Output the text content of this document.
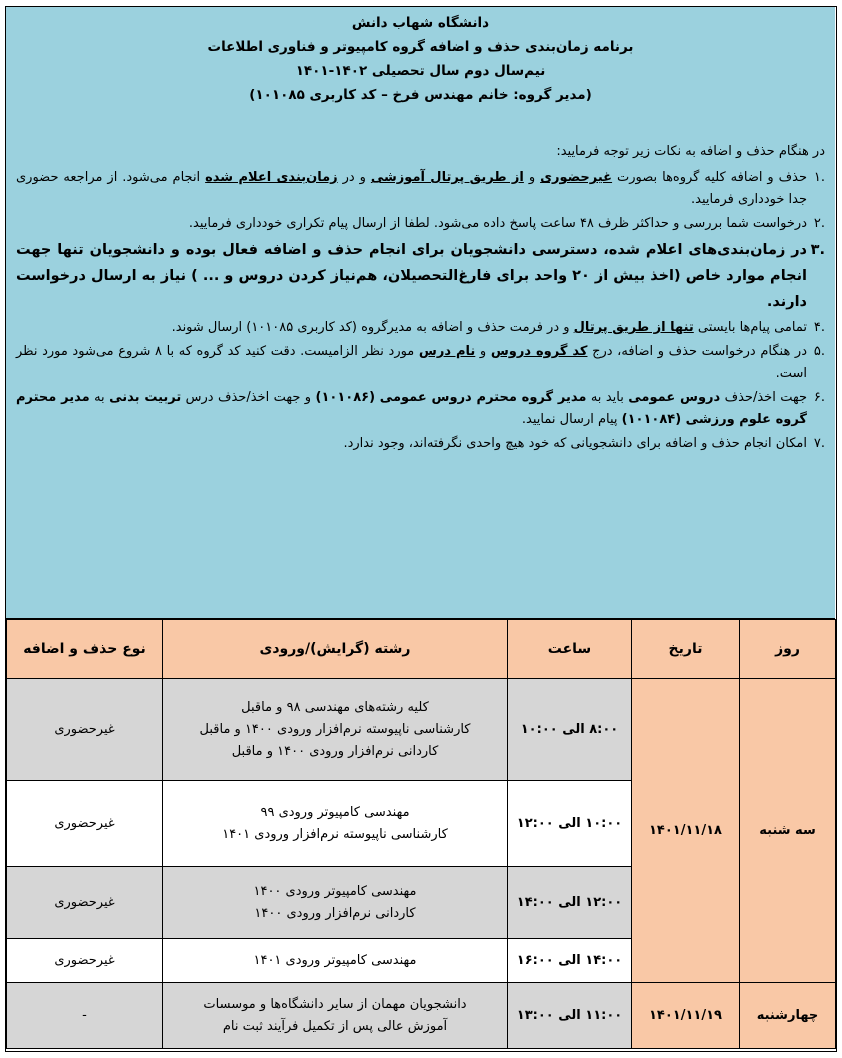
دانشگاه شهاب دانش
برنامه زمان‌بندی حذف و اضافه گروه کامپیوتر و فناوری اطلاعات
نیم‌سال دوم سال تحصیلی ۱۴۰۲-۱۴۰۱
(مدیر گروه: خانم مهندس فرخ – کد کاربری ۱۰۱۰۸۵)
در هنگام حذف و اضافه به نکات زیر توجه فرمایید:
.۱
حذف و اضافه کلیه گروه‌ها بصورت غیرحضوری و از طریق پرتال آموزشی و در زمان‌بندی اعلام شده انجام می‌شود. از مراجعه حضوری جدا خودداری فرمایید.
.۲
درخواست شما بررسی و حداکثر ظرف ۴۸ ساعت پاسخ داده می‌شود. لطفا از ارسال پیام تکراری خودداری فرمایید.
.۳
در زمان‌بندی‌های اعلام شده، دسترسی دانشجویان برای انجام حذف و اضافه فعال بوده و دانشجویان تنها جهت انجام موارد خاص (اخذ بیش از ۲۰ واحد برای فارغ‌التحصیلان، هم‌نیاز کردن دروس و ... ) نیاز به ارسال درخواست دارند.
.۴
تمامی پیام‌ها بایستی تنها از طریق پرتال و در فرمت حذف و اضافه به مدیرگروه (کد کاربری ۱۰۱۰۸۵) ارسال شوند.
.۵
در هنگام درخواست حذف و اضافه، درج کد گروه دروس و نام درس مورد نظر الزامیست. دقت کنید کد گروه که با ۸ شروع می‌شود مورد نظر است.
.۶
جهت اخذ/حذف دروس عمومی باید به مدیر گروه محترم دروس عمومی (۱۰۱۰۸۶) و جهت اخذ/حذف درس تربیت بدنی به مدیر محترم گروه علوم ورزشی (۱۰۱۰۸۴) پیام ارسال نمایید.
.۷
امکان انجام حذف و اضافه برای دانشجویانی که خود هیچ واحدی نگرفته‌اند، وجود ندارد.
روز	تاریخ	ساعت	رشته (گرایش)/ورودی	نوع حذف و اضافه
سه شنبه	۱۴۰۱/۱۱/۱۸	۸:۰۰ الی ۱۰:۰۰	کلیه رشته‌های مهندسی ۹۸ و ماقبل
کارشناسی ناپیوسته نرم‌افزار ورودی ۱۴۰۰ و ماقبل
کاردانی نرم‌افزار ورودی ۱۴۰۰ و ماقبل	غیرحضوری
		۱۰:۰۰ الی ۱۲:۰۰	مهندسی کامپیوتر ورودی ۹۹
کارشناسی ناپیوسته نرم‌افزار ورودی ۱۴۰۱	غیرحضوری
		۱۲:۰۰ الی ۱۴:۰۰	مهندسی کامپیوتر ورودی ۱۴۰۰
کاردانی نرم‌افزار ورودی ۱۴۰۰	غیرحضوری
		۱۴:۰۰ الی ۱۶:۰۰	مهندسی کامپیوتر ورودی ۱۴۰۱	غیرحضوری
چهارشنبه	۱۴۰۱/۱۱/۱۹	۱۱:۰۰ الی ۱۳:۰۰	دانشجویان مهمان از سایر دانشگاه‌ها و موسسات
آموزش عالی پس از تکمیل فرآیند ثبت نام	-
